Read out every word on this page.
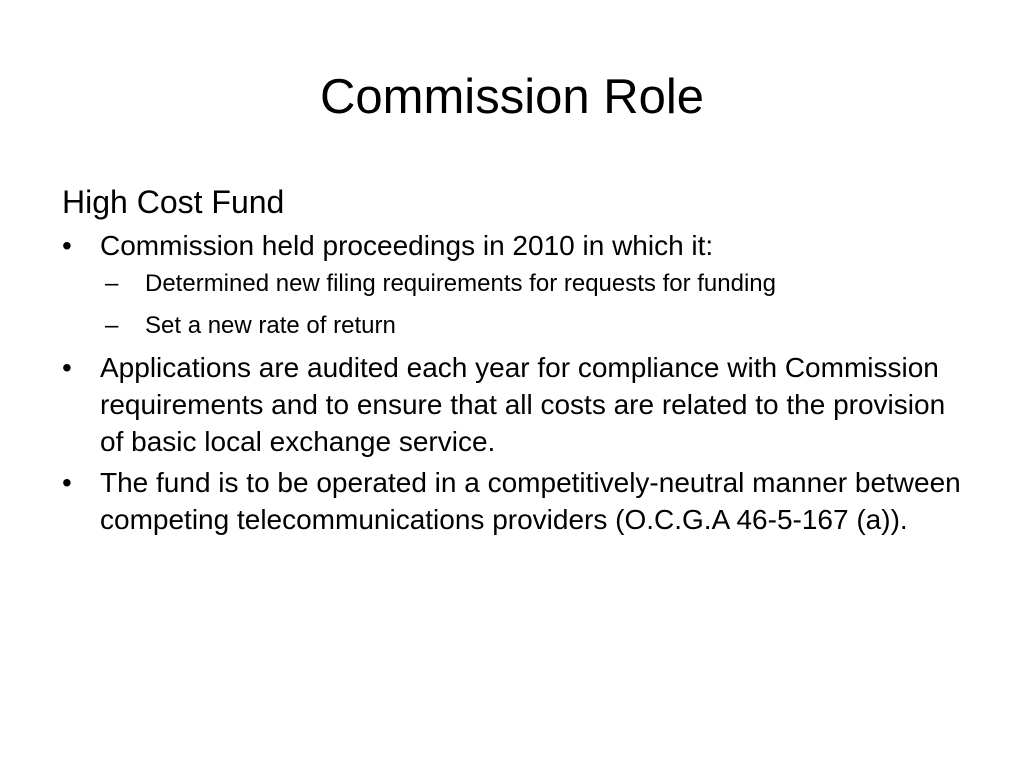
Commission Role
High Cost Fund
•	Commission held proceedings in 2010 in which it:
–	Determined new filing requirements for requests for funding
–	Set a new rate of return
•	Applications are audited each year for compliance with Commission requirements and to ensure that all costs are related to the provision of basic local exchange service.
•	The fund is to be operated in a competitively-neutral manner between competing telecommunications providers (O.C.G.A 46-5-167 (a)).
